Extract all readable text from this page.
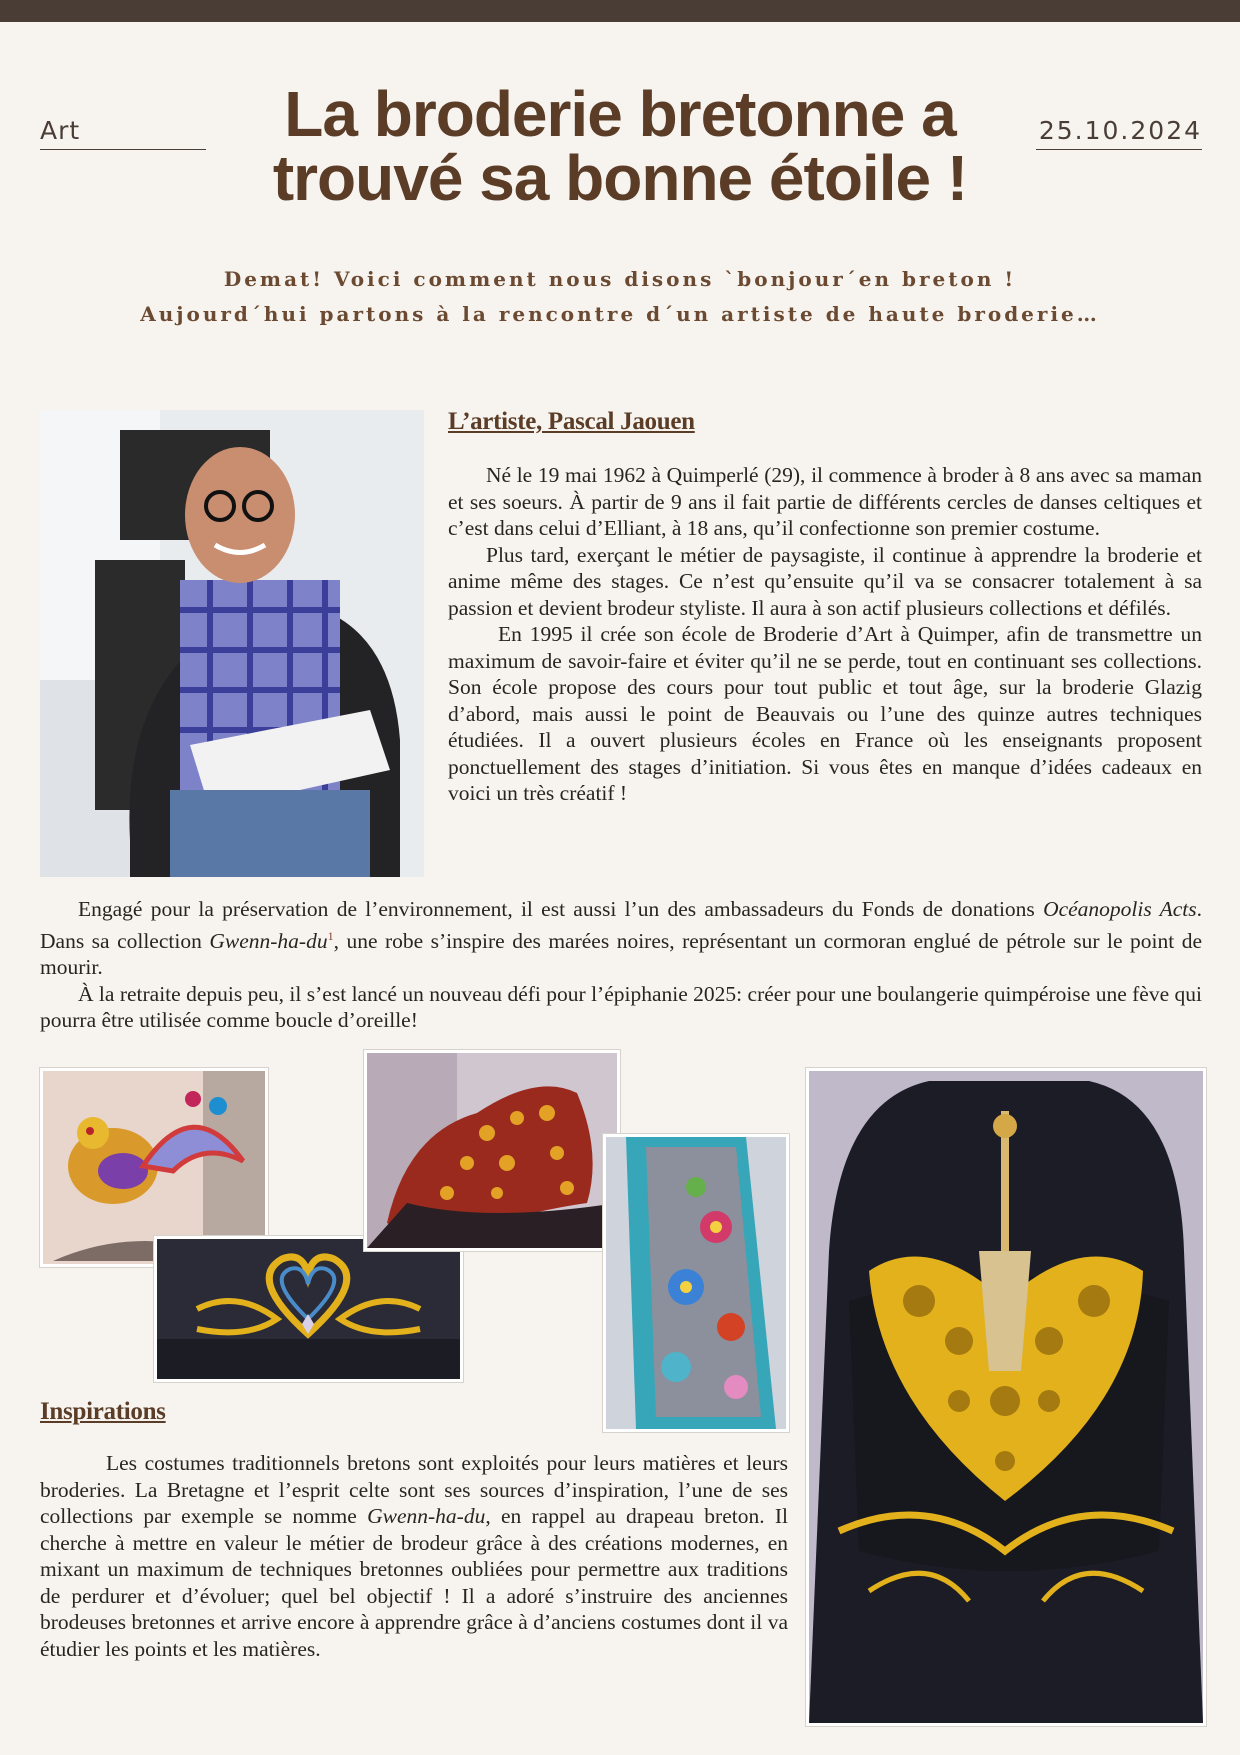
Art	La broderie bretonne a
trouvé sa bonne étoile !
25.10.2024

Demat! Voici comment nous disons ˋbonjourˊen breton !

Aujourdˊhui partons à la rencontre dˊun artiste de haute broderie…

L’artiste, Pascal Jaouen

Né le 19 mai 1962 à Quimperlé (29), il commence à broder à 8 ans avec sa maman et ses soeurs. À partir de 9 ans il fait partie de différents cercles de danses celtiques et c’est dans celui d’Elliant, à 18 ans, qu’il confectionne son premier costume.

Plus tard, exerçant le métier de paysagiste, il continue à apprendre la broderie et anime même des stages. Ce n’est qu’ensuite qu’il va se consacrer totalement à sa passion et devient brodeur styliste. Il aura à son actif plusieurs collections et défilés.

En 1995 il crée son école de Broderie d’Art à Quimper, afin de transmettre un maximum de savoir-faire et éviter qu’il ne se perde, tout en continuant ses collections. Son école propose des cours pour tout public et tout âge, sur la broderie Glazig d’abord, mais aussi le point de Beauvais ou l’une des quinze autres techniques étudiées. Il a ouvert plusieurs écoles en France où les enseignants proposent ponctuellement des stages d’initiation. Si vous êtes en manque d’idées cadeaux en voici un très créatif !

Engagé pour la préservation de l’environnement, il est aussi l’un des ambassadeurs du Fonds de donations Océanopolis Acts. Dans sa collection Gwenn-$ha-du^1$, une robe s’inspire des marées noires, représentant un cormoran englué de pétrole sur le point de mourir.

À la retraite depuis peu, il s’est lancé un nouveau défi pour l’épiphanie 2025: créer pour une boulangerie quimpéroise une fève qui pourra être utilisée comme boucle d’oreille!

Inspirations

Les costumes traditionnels bretons sont exploités pour leurs matières et leurs broderies. La Bretagne et l’esprit celte sont ses sources d’inspiration, l’une de ses collections par exemple se nomme Gwenn-ha-du, en rappel au drapeau breton. Il cherche à mettre en valeur le métier de brodeur grâce à des créations modernes, en mixant un maximum de techniques bretonnes oubliées pour permettre aux traditions de perdurer et d’évoluer; quel bel objectif ! Il a adoré s’instruire des anciennes brodeuses bretonnes et arrive encore à apprendre grâce à d’anciens costumes dont il va étudier les points et les matières.
